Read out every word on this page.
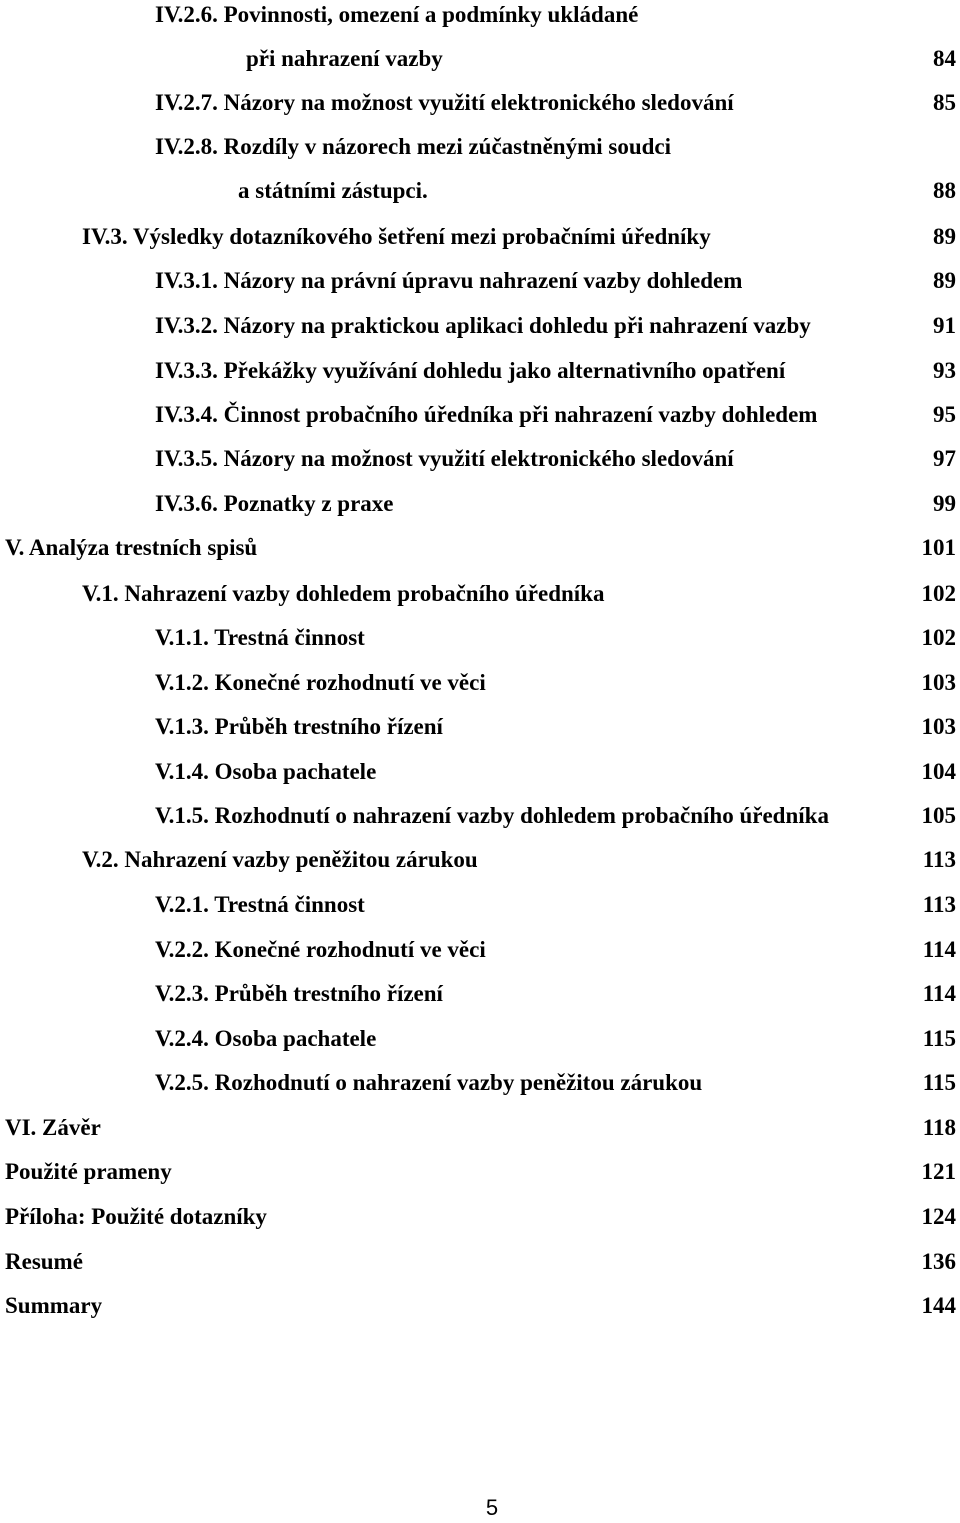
IV.2.6. Povinnosti, omezení a podmínky ukládané
při nahrazení vazby	84
IV.2.7. Názory na možnost využití elektronického sledování	85
IV.2.8. Rozdíly v názorech mezi zúčastněnými soudci
a státními zástupci.	88
IV.3. Výsledky dotazníkového šetření mezi probačními úředníky	89
IV.3.1. Názory na právní úpravu nahrazení vazby dohledem	89
IV.3.2. Názory na praktickou aplikaci dohledu při nahrazení vazby	91
IV.3.3. Překážky využívání dohledu jako alternativního opatření	93
IV.3.4. Činnost probačního úředníka při nahrazení vazby dohledem	95
IV.3.5. Názory na možnost využití elektronického sledování	97
IV.3.6. Poznatky z praxe	99
V. Analýza trestních spisů	101
V.1. Nahrazení vazby dohledem probačního úředníka	102
V.1.1. Trestná činnost	102
V.1.2. Konečné rozhodnutí ve věci	103
V.1.3. Průběh trestního řízení	103
V.1.4. Osoba pachatele	104
V.1.5. Rozhodnutí o nahrazení vazby dohledem probačního úředníka	105
V.2. Nahrazení vazby peněžitou zárukou	113
V.2.1. Trestná činnost	113
V.2.2. Konečné rozhodnutí ve věci	114
V.2.3. Průběh trestního řízení	114
V.2.4. Osoba pachatele	115
V.2.5. Rozhodnutí o nahrazení vazby peněžitou zárukou	115
VI. Závěr	118
Použité prameny	121
Příloha: Použité dotazníky	124
Resumé	136
Summary	144
5
